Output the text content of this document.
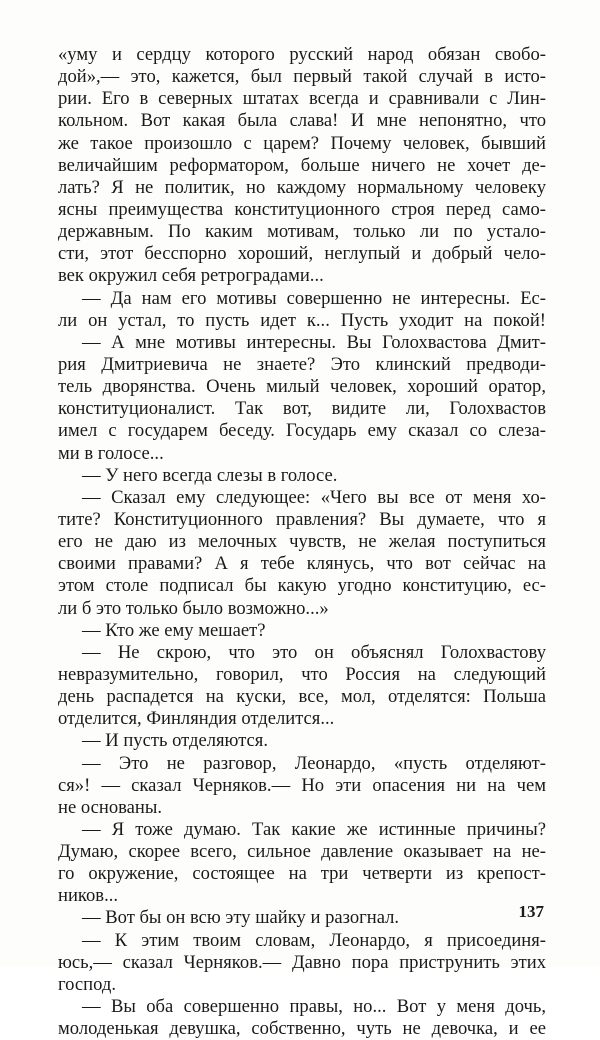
«уму и сердцу которого русский народ обязан свобо-
дой»,— это, кажется, был первый такой случай в исто-
рии. Его в северных штатах всегда и сравнивали с Лин-
кольном. Вот какая была слава! И мне непонятно, что
же такое произошло с царем? Почему человек, бывший
величайшим реформатором, больше ничего не хочет де-
лать? Я не политик, но каждому нормальному человеку
ясны преимущества конституционного строя перед само-
державным. По каким мотивам, только ли по устало-
сти, этот бесспорно хороший, неглупый и добрый чело-
век окружил себя ретроградами...
— Да нам его мотивы совершенно не интересны. Ес-
ли он устал, то пусть идет к... Пусть уходит на покой!
— А мне мотивы интересны. Вы Голохвастова Дмит-
рия Дмитриевича не знаете? Это клинский предводи-
тель дворянства. Очень милый человек, хороший оратор,
конституционалист. Так вот, видите ли, Голохвастов
имел с государем беседу. Государь ему сказал со слеза-
ми в голосе...
— У него всегда слезы в голосе.
— Сказал ему следующее: «Чего вы все от меня хо-
тите? Конституционного правления? Вы думаете, что я
его не даю из мелочных чувств, не желая поступиться
своими правами? А я тебе клянусь, что вот сейчас на
этом столе подписал бы какую угодно конституцию, ес-
ли б это только было возможно...»
— Кто же ему мешает?
— Не скрою, что это он объяснял Голохвастову
невразумительно, говорил, что Россия на следующий
день распадется на куски, все, мол, отделятся: Польша
отделится, Финляндия отделится...
— И пусть отделяются.
— Это не разговор, Леонардо, «пусть отделяют-
ся»! — сказал Черняков.— Но эти опасения ни на чем
не основаны.
— Я тоже думаю. Так какие же истинные причины?
Думаю, скорее всего, сильное давление оказывает на не-
го окружение, состоящее на три четверти из крепост-
ников...
— Вот бы он всю эту шайку и разогнал.
— К этим твоим словам, Леонардо, я присоединя-
юсь,— сказал Черняков.— Давно пора приструнить этих
господ.
— Вы оба совершенно правы, но... Вот у меня дочь,
молоденькая девушка, собственно, чуть не девочка, и ее
137
